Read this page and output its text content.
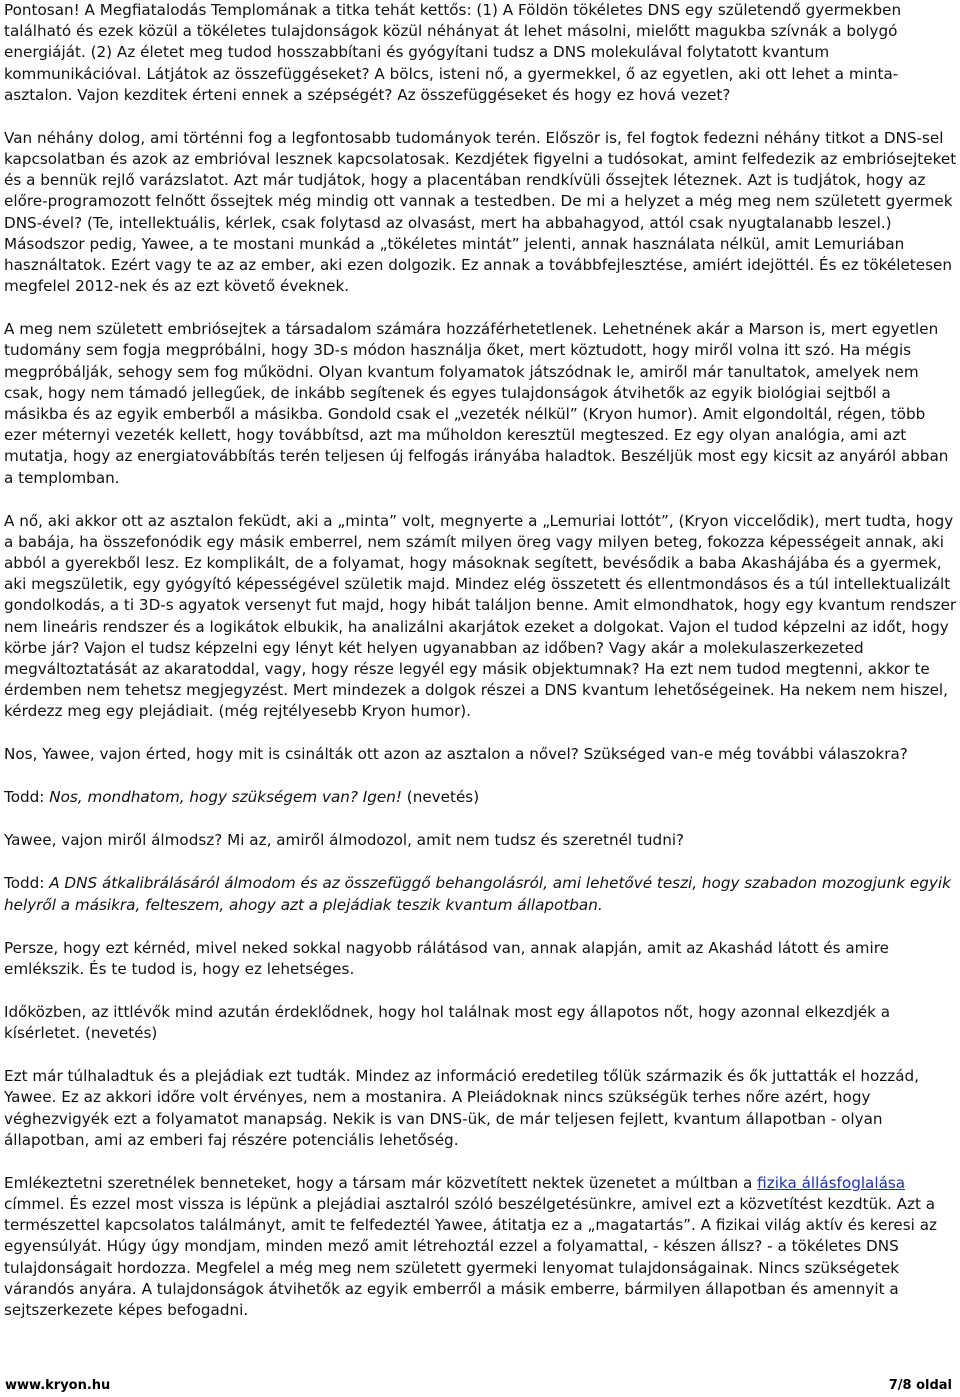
Pontosan! A Megfiatalodás Templomának a titka tehát kettős: (1) A Földön tökéletes DNS egy születendő gyermekben található és ezek közül a tökéletes tulajdonságok közül néhányat át lehet másolni, mielőtt magukba szívnák a bolygó energiáját. (2) Az életet meg tudod hosszabbítani és gyógyítani tudsz a DNS molekulával folytatott kvantum kommunikációval. Látjátok az összefüggéseket? A bölcs, isteni nő, a gyermekkel, ő az egyetlen, aki ott lehet a minta-asztalon. Vajon kezditek érteni ennek a szépségét? Az összefüggéseket és hogy ez hová vezet?

Van néhány dolog, ami történni fog a legfontosabb tudományok terén. Először is, fel fogtok fedezni néhány titkot a DNS-sel kapcsolatban és azok az embrióval lesznek kapcsolatosak. Kezdjétek figyelni a tudósokat, amint felfedezik az embriósejteket és a bennük rejlő varázslatot. Azt már tudjátok, hogy a placentában rendkívüli őssejtek léteznek. Azt is tudjátok, hogy az előre-programozott felnőtt őssejtek még mindig ott vannak a testedben. De mi a helyzet a még meg nem született gyermek DNS-ével? (Te, intellektuális, kérlek, csak folytasd az olvasást, mert ha abbahagyod, attól csak nyugtalanabb leszel.) Másodszor pedig, Yawee, a te mostani munkád a „tökéletes mintát” jelenti, annak használata nélkül, amit Lemuriában használtatok. Ezért vagy te az az ember, aki ezen dolgozik. Ez annak a továbbfejlesztése, amiért idejöttél. És ez tökéletesen megfelel 2012-nek és az ezt követő éveknek.

A meg nem született embriósejtek a társadalom számára hozzáférhetetlenek. Lehetnének akár a Marson is, mert egyetlen tudomány sem fogja megpróbálni, hogy 3D-s módon használja őket, mert köztudott, hogy miről volna itt szó. Ha mégis megpróbálják, sehogy sem fog működni. Olyan kvantum folyamatok játszódnak le, amiről már tanultatok, amelyek nem csak, hogy nem támadó jellegűek, de inkább segítenek és egyes tulajdonságok átvihetők az egyik biológiai sejtből a másikba és az egyik emberből a másikba. Gondold csak el „vezeték nélkül” (Kryon humor). Amit elgondoltál, régen, több ezer méternyi vezeték kellett, hogy továbbítsd, azt ma műholdon keresztül megteszed. Ez egy olyan analógia, ami azt mutatja, hogy az energiatovábbítás terén teljesen új felfogás irányába haladtok. Beszéljük most egy kicsit az anyáról abban a templomban.

A nő, aki akkor ott az asztalon feküdt, aki a „minta” volt, megnyerte a „Lemuriai lottót”, (Kryon viccelődik), mert tudta, hogy a babája, ha összefonódik egy másik emberrel, nem számít milyen öreg vagy milyen beteg, fokozza képességeit annak, aki abból a gyerekből lesz. Ez komplikált, de a folyamat, hogy másoknak segített, bevésődik a baba Akashájába és a gyermek, aki megszületik, egy gyógyító képességével születik majd. Mindez elég összetett és ellentmondásos és a túl intellektualizált gondolkodás, a ti 3D-s agyatok versenyt fut majd, hogy hibát találjon benne. Amit elmondhatok, hogy egy kvantum rendszer nem lineáris rendszer és a logikátok elbukik, ha analizálni akarjátok ezeket a dolgokat. Vajon el tudod képzelni az időt, hogy körbe jár? Vajon el tudsz képzelni egy lényt két helyen ugyanabban az időben? Vagy akár a molekulaszerkezeted megváltoztatását az akaratoddal, vagy, hogy része legyél egy másik objektumnak? Ha ezt nem tudod megtenni, akkor te érdemben nem tehetsz megjegyzést. Mert mindezek a dolgok részei a DNS kvantum lehetőségeinek. Ha nekem nem hiszel, kérdezz meg egy plejádiait. (még rejtélyesebb Kryon humor).

Nos, Yawee, vajon érted, hogy mit is csinálták ott azon az asztalon a nővel? Szükséged van-e még további válaszokra?

Todd: Nos, mondhatom, hogy szükségem van? Igen! (nevetés)

Yawee, vajon miről álmodsz? Mi az, amiről álmodozol, amit nem tudsz és szeretnél tudni?

Todd: A DNS átkalibrálásáról álmodom és az összefüggő behangolásról, ami lehetővé teszi, hogy szabadon mozogjunk egyik helyről a másikra, felteszem, ahogy azt a plejádiak teszik kvantum állapotban.

Persze, hogy ezt kérnéd, mivel neked sokkal nagyobb rálátásod van, annak alapján, amit az Akashád látott és amire emlékszik. És te tudod is, hogy ez lehetséges.

Időközben, az ittlévők mind azután érdeklődnek, hogy hol találnak most egy állapotos nőt, hogy azonnal elkezdjék a kísérletet. (nevetés)

Ezt már túlhaladtuk és a plejádiak ezt tudták. Mindez az információ eredetileg tőlük származik és ők juttatták el hozzád, Yawee. Ez az akkori időre volt érvényes, nem a mostanira. A Pleiádoknak nincs szükségük terhes nőre azért, hogy véghezvigyék ezt a folyamatot manapság. Nekik is van DNS-ük, de már teljesen fejlett, kvantum állapotban - olyan állapotban, ami az emberi faj részére potenciális lehetőség.

Emlékeztetni szeretnélek benneteket, hogy a társam már közvetített nektek üzenetet a múltban a fizika állásfoglalása címmel. És ezzel most vissza is lépünk a plejádiai asztalról szóló beszélgetésünkre, amivel ezt a közvetítést kezdtük. Azt a természettel kapcsolatos találmányt, amit te felfedeztél Yawee, átitatja ez a „magatartás”. A fizikai világ aktív és keresi az egyensúlyát. Húgy úgy mondjam, minden mező amit létrehoztál ezzel a folyamattal, - készen állsz? - a tökéletes DNS tulajdonságait hordozza. Megfelel a még meg nem született gyermeki lenyomat tulajdonságainak. Nincs szükségetek várandós anyára. A tulajdonságok átvihetők az egyik emberről a másik emberre, bármilyen állapotban és amennyit a sejtszerkezete képes befogadni.

www.kryon.hu	7/8 oldal
